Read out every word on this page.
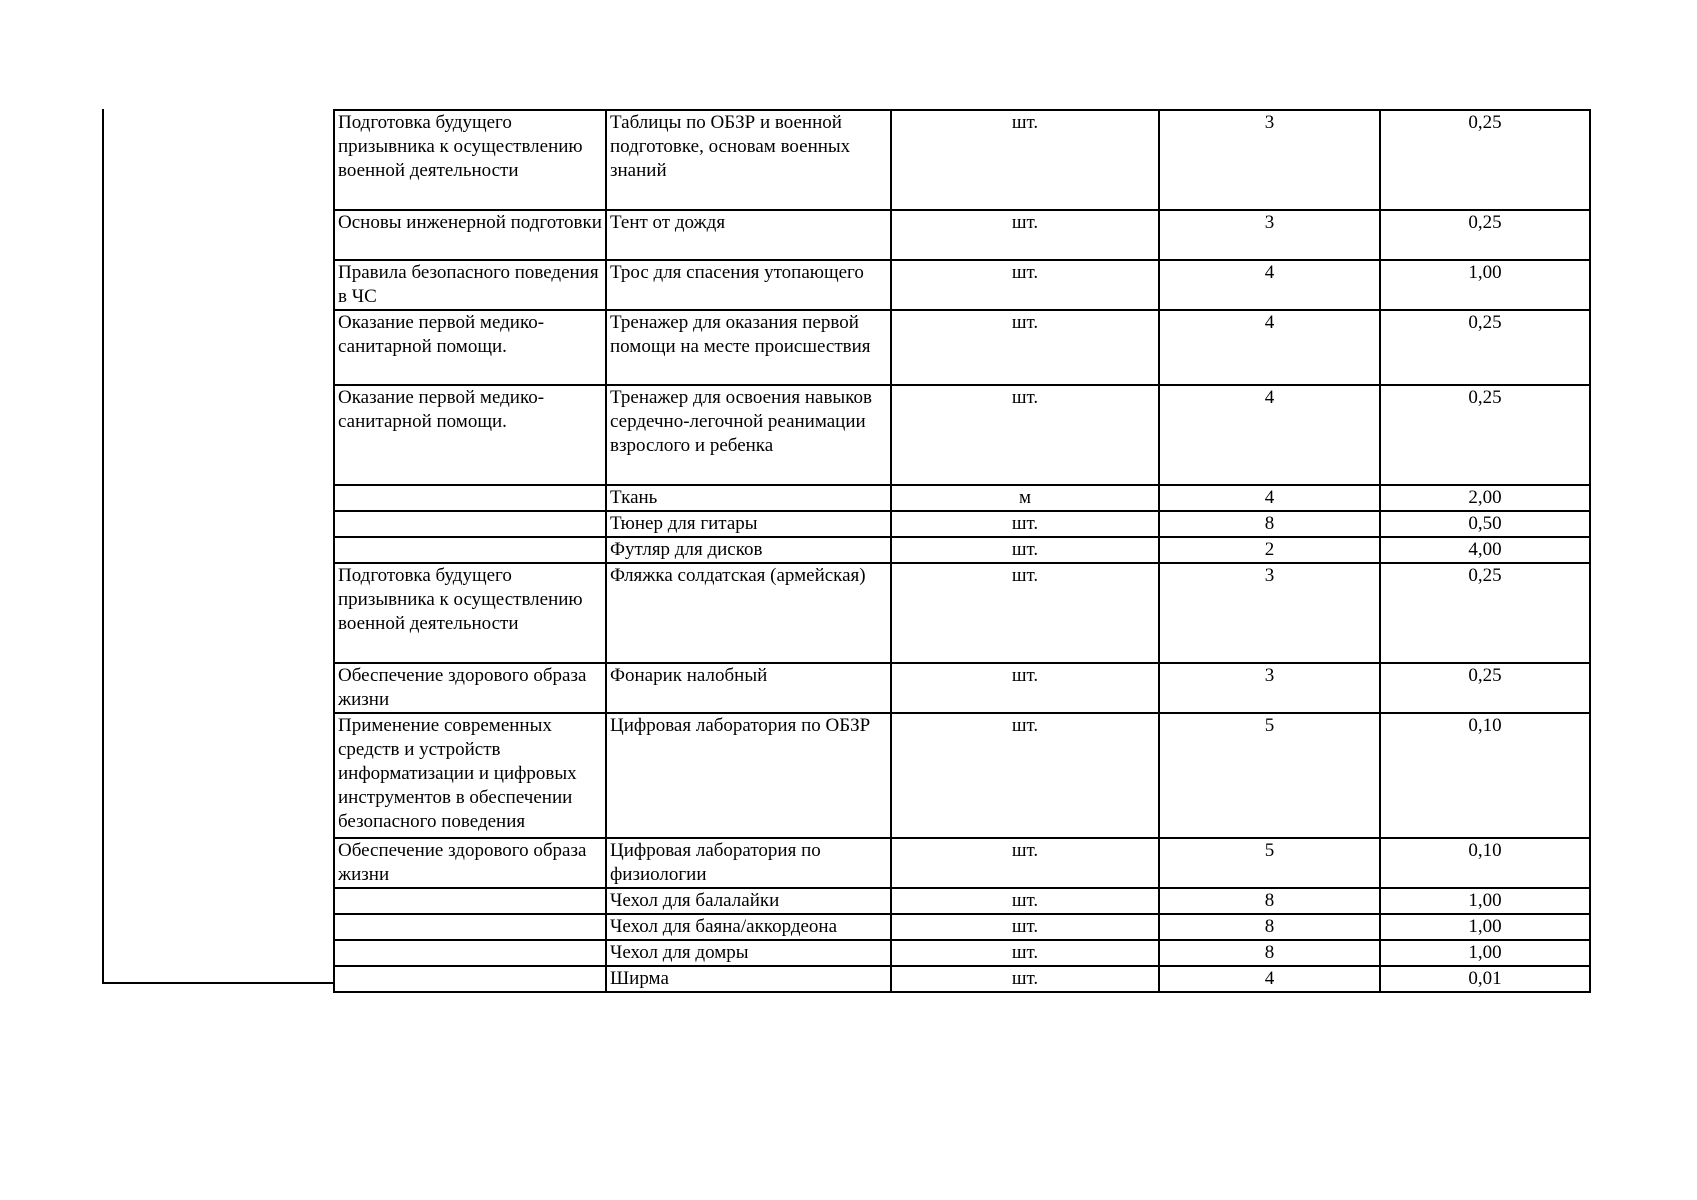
Подготовка будущего призывника к осуществлению военной деятельности	Таблицы по ОБЗР и военной подготовке, основам военных знаний	шт.	3	0,25
Основы инженерной подготовки	Тент от дождя	шт.	3	0,25
Правила безопасного поведения в ЧС	Трос для спасения утопающего	шт.	4	1,00
Оказание первой медико-санитарной помощи.	Тренажер для оказания первой помощи на месте происшествия	шт.	4	0,25
Оказание первой медико-санитарной помощи.	Тренажер для освоения навыков сердечно-легочной реанимации взрослого и ребенка	шт.	4	0,25
	Ткань	м	4	2,00
	Тюнер для гитары	шт.	8	0,50
	Футляр для дисков	шт.	2	4,00
Подготовка будущего призывника к осуществлению военной деятельности	Фляжка солдатская (армейская)	шт.	3	0,25
Обеспечение здорового образа жизни	Фонарик налобный	шт.	3	0,25
Применение современных средств и устройств информатизации и цифровых инструментов в обеспечении безопасного поведения	Цифровая лаборатория по ОБЗР	шт.	5	0,10
Обеспечение здорового образа жизни	Цифровая лаборатория по физиологии	шт.	5	0,10
	Чехол для балалайки	шт.	8	1,00
	Чехол для баяна/аккордеона	шт.	8	1,00
	Чехол для домры	шт.	8	1,00
	Ширма	шт.	4	0,01
